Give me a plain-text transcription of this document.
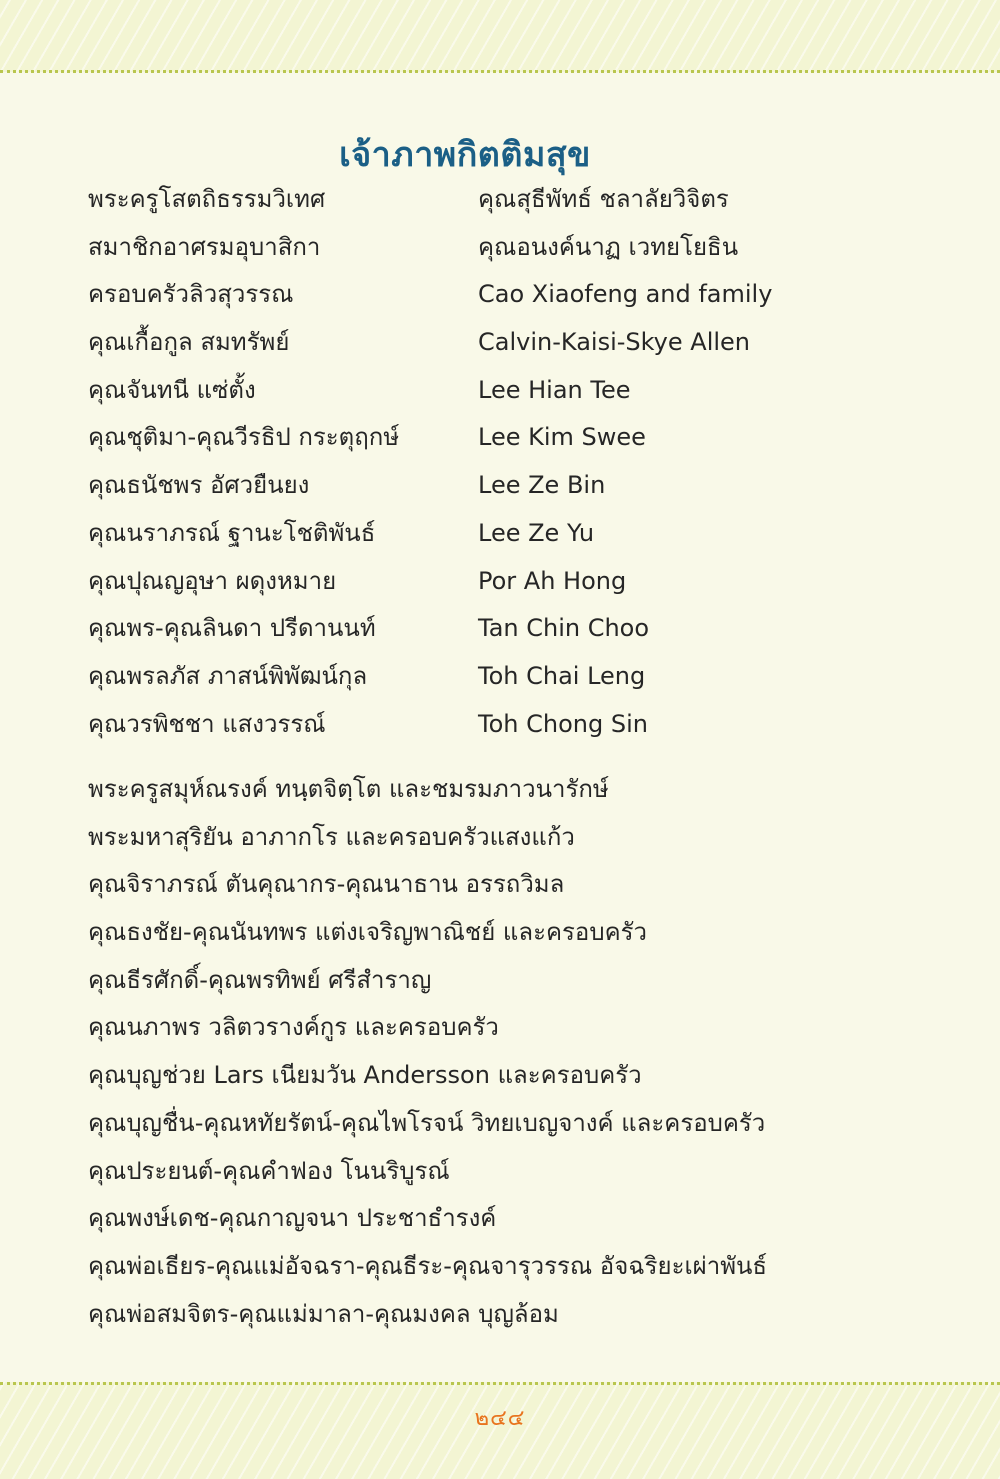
เจ้าภาพกิตติมสุข
พระครูโสตถิธรรมวิเทศ
สมาชิกอาศรมอุบาสิกา
ครอบครัวลิวสุวรรณ
คุณเกื้อกูล สมทรัพย์
คุณจันทนี แซ่ตั้ง
คุณชุติมา-คุณวีรธิป กระตุฤกษ์
คุณธนัชพร อัศวยืนยง
คุณนราภรณ์ ฐานะโชติพันธ์
คุณปุณญอุษา ผดุงหมาย
คุณพร-คุณลินดา ปรีดานนท์
คุณพรลภัส ภาสน์พิพัฒน์กุล
คุณวรพิชชา แสงวรรณ์
คุณสุธีพัทธ์ ชลาลัยวิจิตร
คุณอนงค์นาฏ เวทยโยธิน
Cao Xiaofeng and family
Calvin-Kaisi-Skye Allen
Lee Hian Tee
Lee Kim Swee
Lee Ze Bin
Lee Ze Yu
Por Ah Hong
Tan Chin Choo
Toh Chai Leng
Toh Chong Sin
พระครูสมุห์ณรงค์ ทนฺตจิตฺโต และชมรมภาวนารักษ์
พระมหาสุริยัน อาภากโร และครอบครัวแสงแก้ว
คุณจิราภรณ์ ตันคุณากร-คุณนาธาน อรรถวิมล
คุณธงชัย-คุณนันทพร แต่งเจริญพาณิชย์ และครอบครัว
คุณธีรศักดิ์-คุณพรทิพย์ ศรีสำราญ
คุณนภาพร วลิตวรางค์กูร และครอบครัว
คุณบุญช่วย Lars เนียมวัน Andersson และครอบครัว
คุณบุญชื่น-คุณหทัยรัตน์-คุณไพโรจน์ วิทยเบญจางค์ และครอบครัว
คุณประยนต์-คุณคำฟอง โนนริบูรณ์
คุณพงษ์เดช-คุณกาญจนา ประชาธำรงค์
คุณพ่อเธียร-คุณแม่อัจฉรา-คุณธีระ-คุณจารุวรรณ อัจฉริยะเผ่าพันธ์
คุณพ่อสมจิตร-คุณแม่มาลา-คุณมงคล บุญล้อม
๒๔๔
